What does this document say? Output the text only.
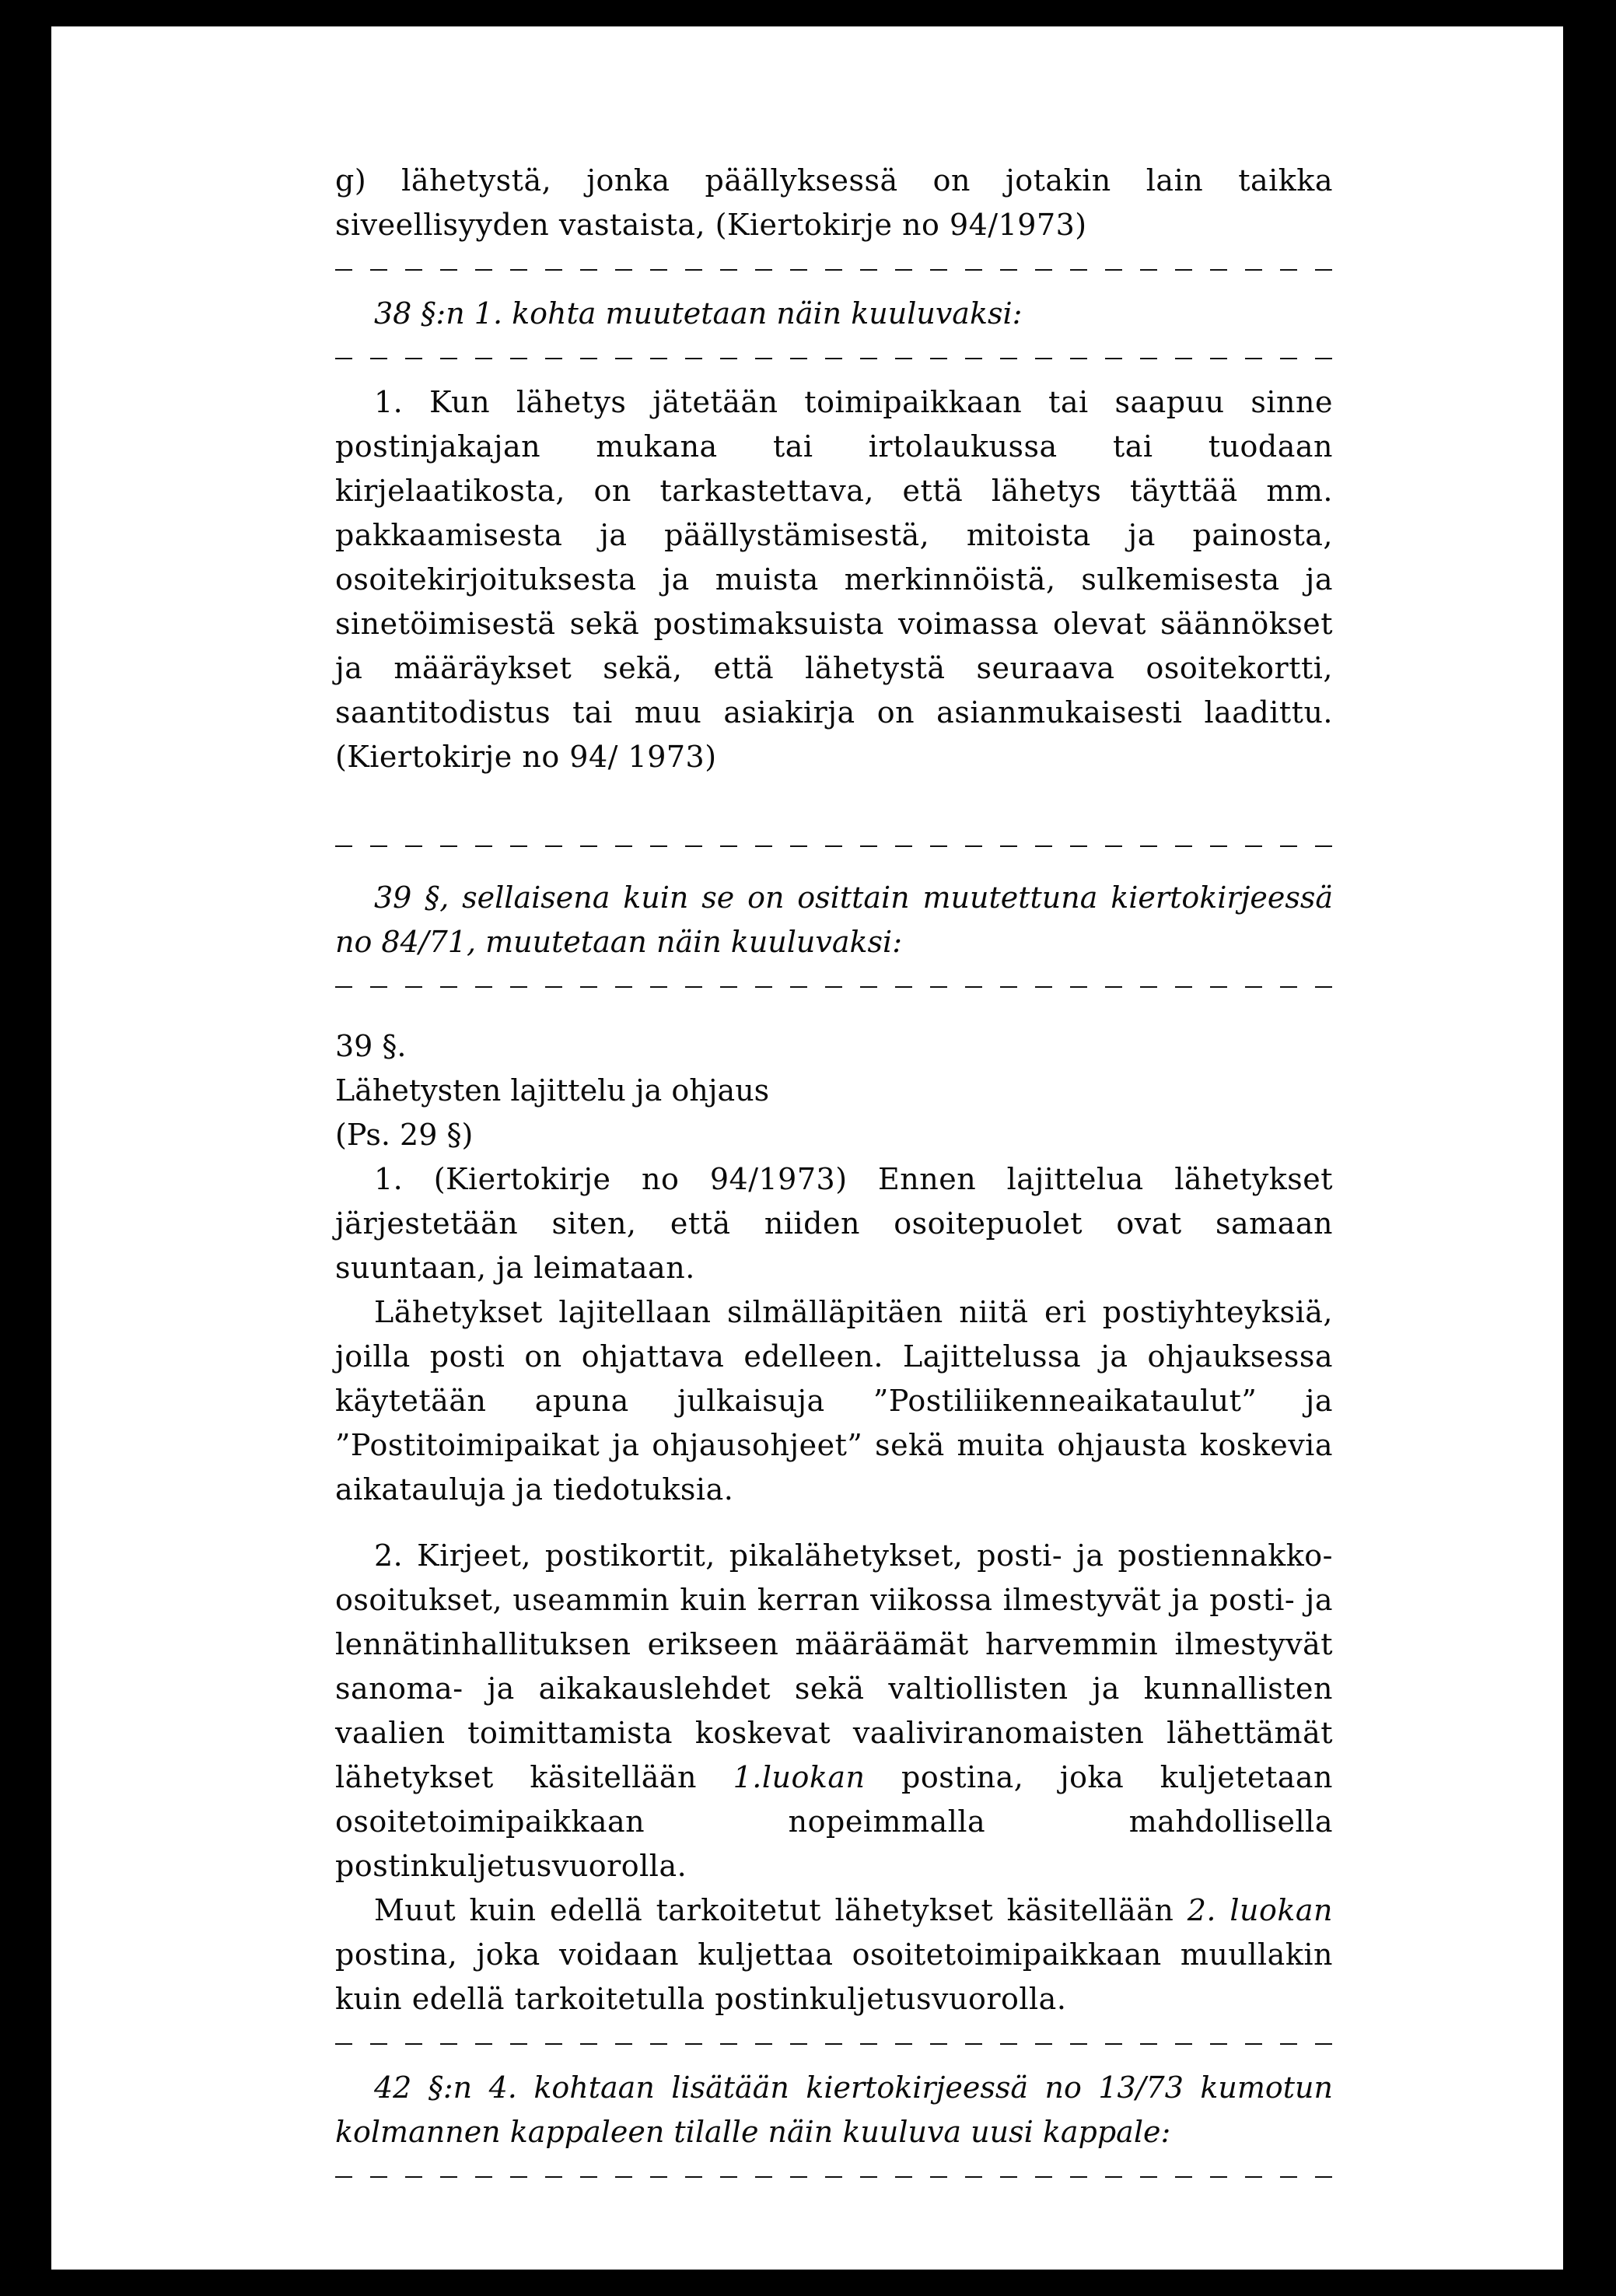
g) lähetystä, jonka päällyksessä on jotakin lain taikka siveellisyyden vastaista, (Kiertokirje no 94/1973)

38 §:n 1. kohta muutetaan näin kuuluvaksi:

1. Kun lähetys jätetään toimipaikkaan tai saapuu sinne postinjakajan mukana tai irtolaukussa tai tuodaan kirjelaatikosta, on tarkastettava, että lähetys täyttää mm. pakkaamisesta ja päällystämisestä, mitoista ja painosta, osoitekirjoituksesta ja muista merkinnöistä, sulkemisesta ja sinetöimisestä sekä postimaksuista voimassa olevat säännökset ja määräykset sekä, että lähetystä seuraava osoitekortti, saantitodistus tai muu asiakirja on asianmukaisesti laadittu. (Kiertokirje no 94/ 1973)

39 §, sellaisena kuin se on osittain muutettuna kiertokirjeessä no 84/71, muutetaan näin kuuluvaksi:

39 §.

Lähetysten lajittelu ja ohjaus

(Ps. 29 §)

1. (Kiertokirje no 94/1973) Ennen lajittelua lähetykset järjestetään siten, että niiden osoitepuolet ovat samaan suuntaan, ja leimataan.

Lähetykset lajitellaan silmälläpitäen niitä eri postiyhteyksiä, joilla posti on ohjattava edelleen. Lajittelussa ja ohjauksessa käytetään apuna julkaisuja ”Postiliikenneaikataulut” ja ”Postitoimipaikat ja ohjausohjeet” sekä muita ohjausta koskevia aikatauluja ja tiedotuksia.

2. Kirjeet, postikortit, pikalähetykset, posti- ja postiennakko-osoitukset, useammin kuin kerran viikossa ilmestyvät ja posti- ja lennätinhallituksen erikseen määräämät harvemmin ilmestyvät sanoma- ja aikakauslehdet sekä valtiollisten ja kunnallisten vaalien toimittamista koskevat vaaliviranomaisten lähettämät lähetykset käsitellään 1.luokan postina, joka kuljetetaan osoitetoimipaikkaan nopeimmalla mahdollisella postinkuljetusvuorolla.

Muut kuin edellä tarkoitetut lähetykset käsitellään 2. luokan postina, joka voidaan kuljettaa osoitetoimipaikkaan muullakin kuin edellä tarkoitetulla postinkuljetusvuorolla.

42 §:n 4. kohtaan lisätään kiertokirjeessä no 13/73 kumotun kolmannen kappaleen tilalle näin kuuluva uusi kappale:
